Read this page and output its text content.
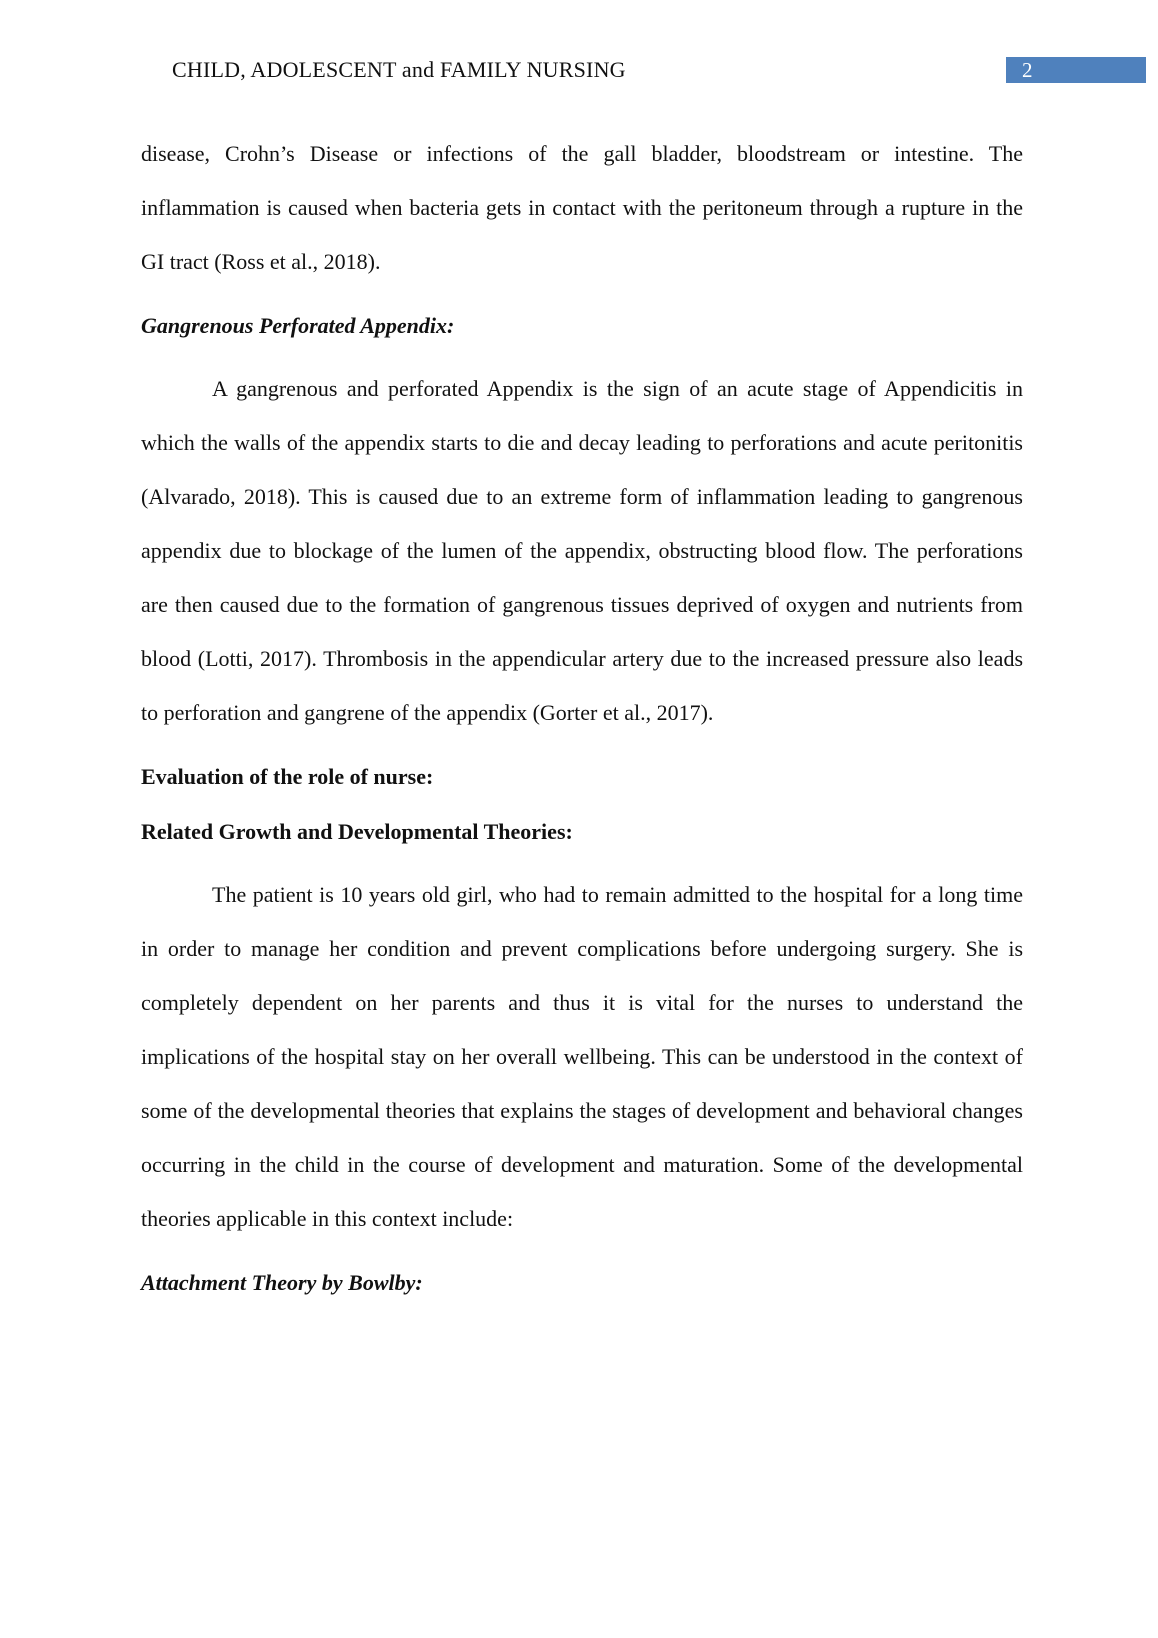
CHILD, ADOLESCENT and FAMILY NURSING	2

disease, Crohn’s Disease or infections of the gall bladder, bloodstream or intestine. The inflammation is caused when bacteria gets in contact with the peritoneum through a rupture in the GI tract (Ross et al., 2018).

Gangrenous Perforated Appendix:

A gangrenous and perforated Appendix is the sign of an acute stage of Appendicitis in which the walls of the appendix starts to die and decay leading to perforations and acute peritonitis (Alvarado, 2018). This is caused due to an extreme form of inflammation leading to gangrenous appendix due to blockage of the lumen of the appendix, obstructing blood flow. The perforations are then caused due to the formation of gangrenous tissues deprived of oxygen and nutrients from blood (Lotti, 2017). Thrombosis in the appendicular artery due to the increased pressure also leads to perforation and gangrene of the appendix (Gorter et al., 2017).

Evaluation of the role of nurse:
Related Growth and Developmental Theories:

The patient is 10 years old girl, who had to remain admitted to the hospital for a long time in order to manage her condition and prevent complications before undergoing surgery. She is completely dependent on her parents and thus it is vital for the nurses to understand the implications of the hospital stay on her overall wellbeing. This can be understood in the context of some of the developmental theories that explains the stages of development and behavioral changes occurring in the child in the course of development and maturation. Some of the developmental theories applicable in this context include:

Attachment Theory by Bowlby:
